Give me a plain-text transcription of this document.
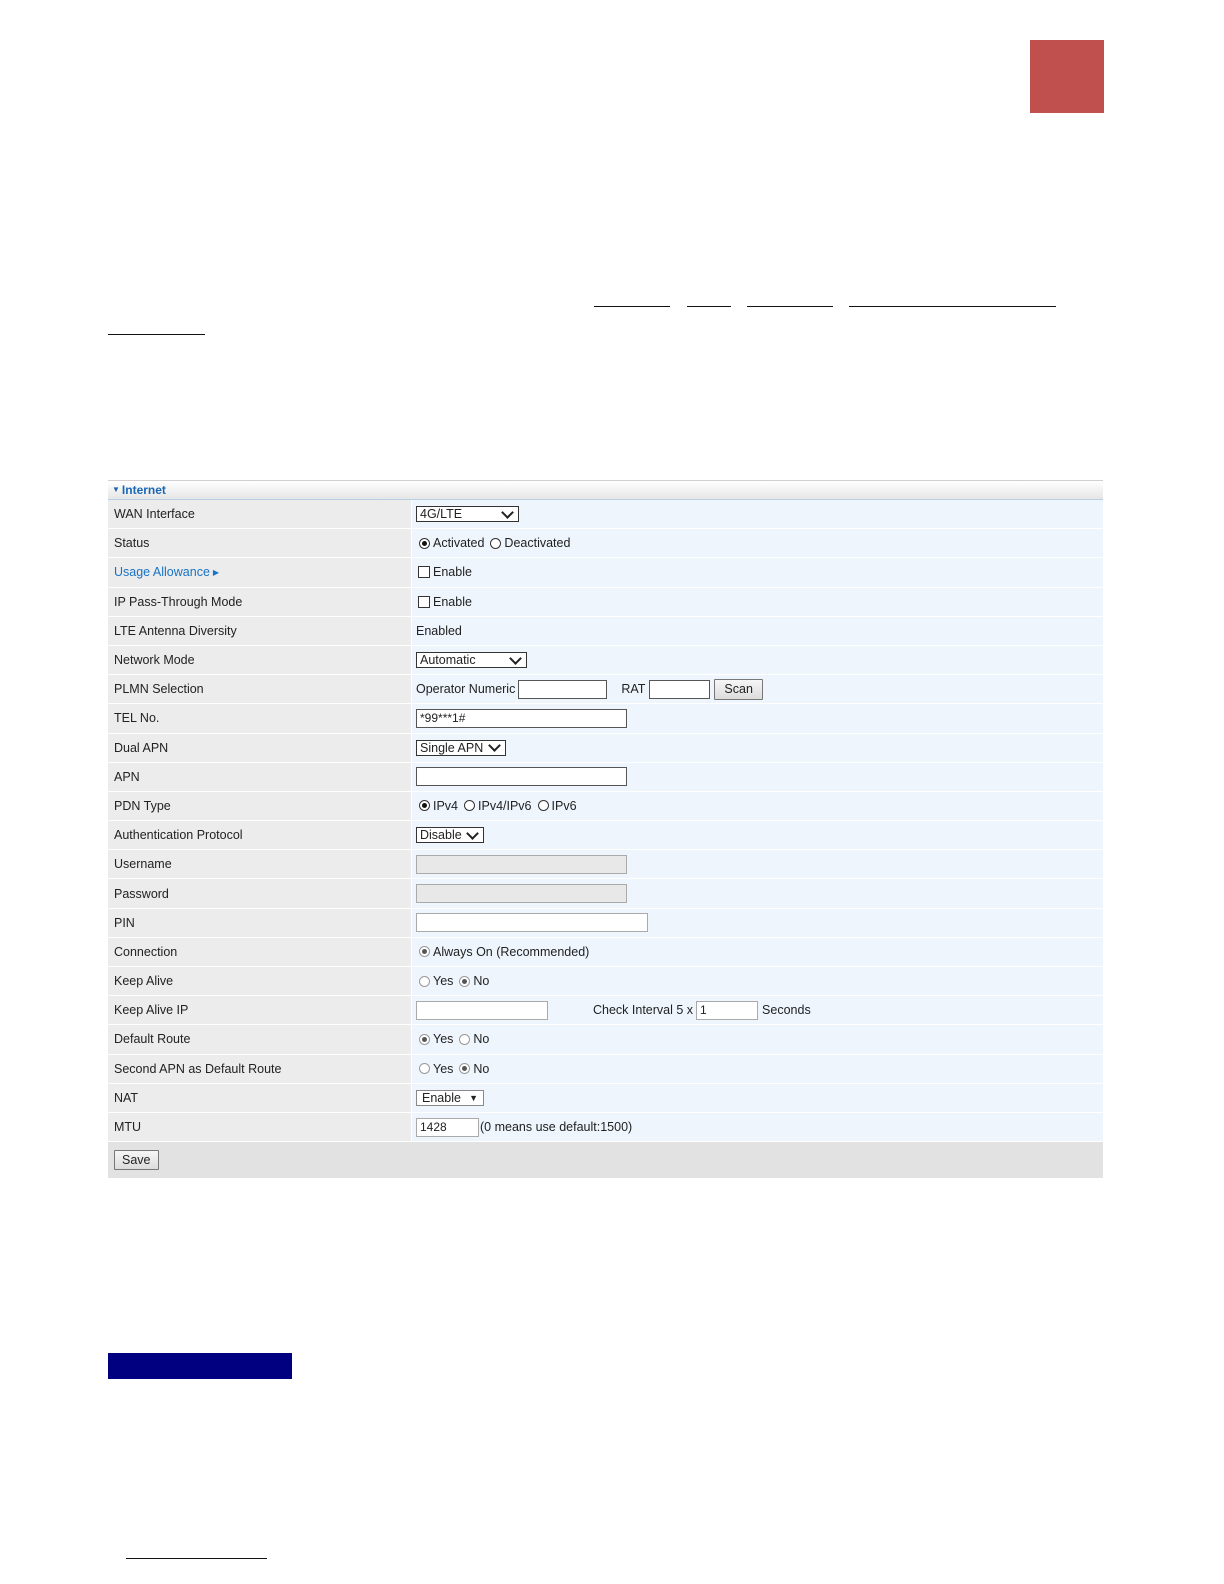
▼ Internet
WAN Interface	4G/LTE
Status	Activated Deactivated
Usage Allowance ▶	Enable
IP Pass-Through Mode	Enable
LTE Antenna Diversity	Enabled
Network Mode	Automatic
PLMN Selection	Operator Numeric	RAT	Scan
TEL No.	*99***1#
Dual APN	Single APN
APN
PDN Type	IPv4 IPv4/IPv6 IPv6
Authentication Protocol	Disable
Username
Password
PIN
Connection	Always On (Recommended)
Keep Alive	Yes No
Keep Alive IP	Check Interval 5 x 1	Seconds
Default Route	Yes No
Second APN as Default Route	Yes No
NAT	Enable ▼
MTU	1428	(0 means use default:1500)
Save
